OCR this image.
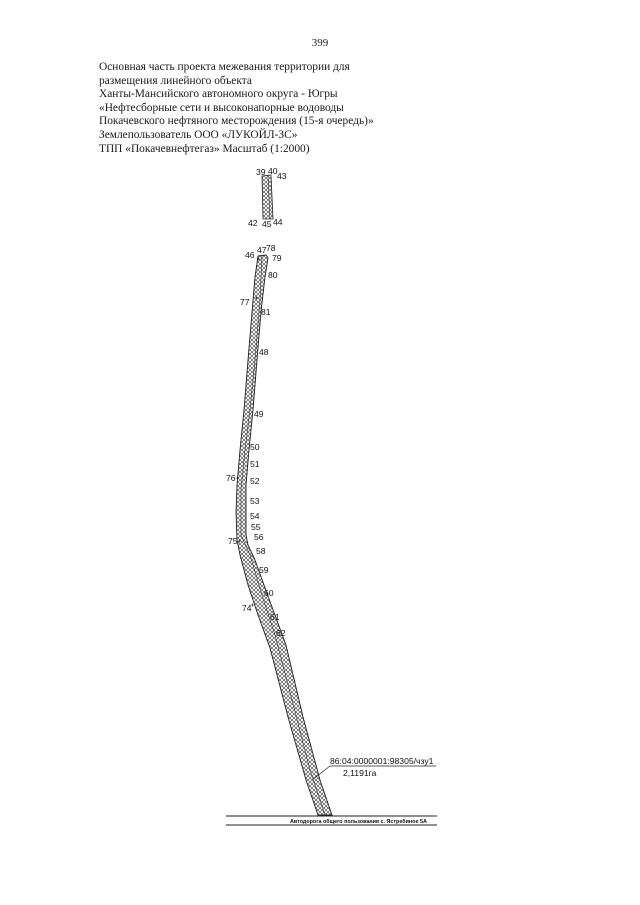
399
Основная часть проекта межевания территории для
размещения линейного объекта
Ханты-Мансийского автономного округа - Югры
«Нефтесборные сети и высоконапорные водоводы
Покачевского нефтяного месторождения (15-я очередь)»
Землепользователь ООО «ЛУКОЙЛ-ЗС»
ТПП «Покачевнефтегаз» Масштаб (1:2000)
Автодорога общего пользования с. Ястребиное 5А
86:04:0000001:98305/чзу1
2,1191га
39 40 43
42 45 44
46 47 78
79
80
77
81
48
49
50
51
76 52
53
54
55
75 56
58
59
60
74
61
62
